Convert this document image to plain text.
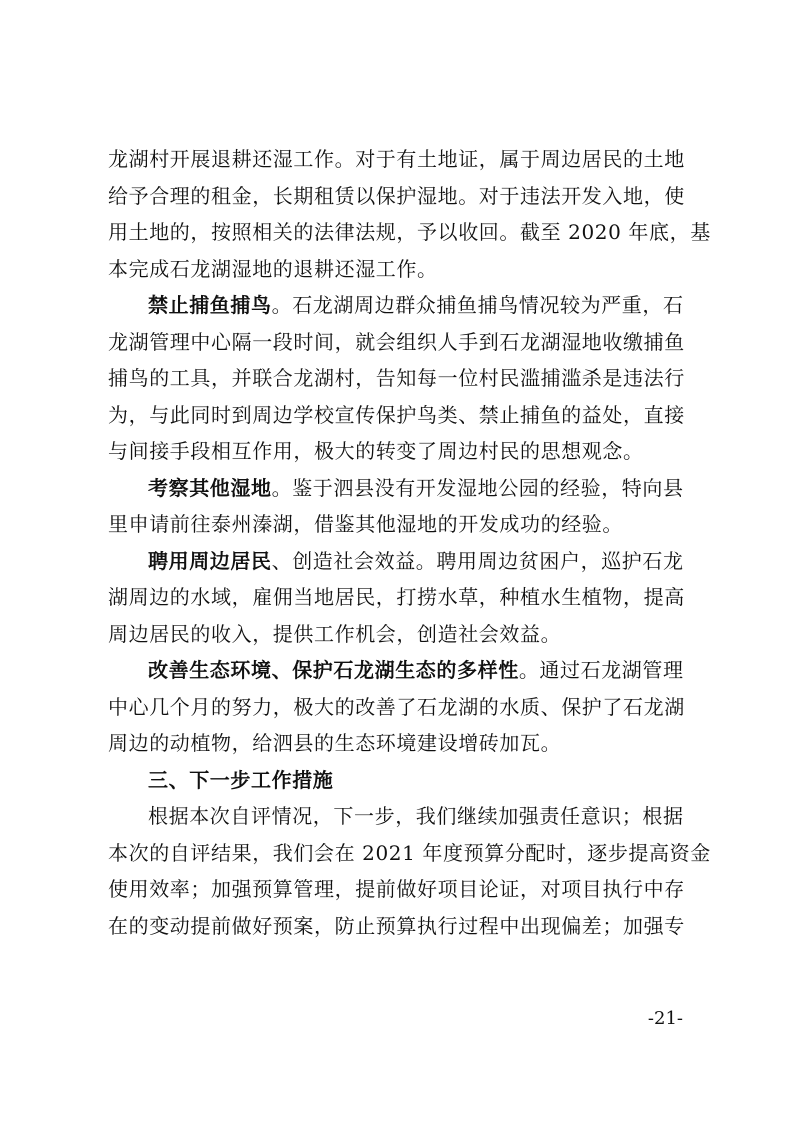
龙湖村开展退耕还湿工作。对于有土地证，属于周边居民的土地

给予合理的租金，长期租赁以保护湿地。对于违法开发入地，使

用土地的，按照相关的法律法规，予以收回。截至 2020 年底，基

本完成石龙湖湿地的退耕还湿工作。

禁止捕鱼捕鸟。石龙湖周边群众捕鱼捕鸟情况较为严重，石

龙湖管理中心隔一段时间，就会组织人手到石龙湖湿地收缴捕鱼

捕鸟的工具，并联合龙湖村，告知每一位村民滥捕滥杀是违法行

为，与此同时到周边学校宣传保护鸟类、禁止捕鱼的益处，直接

与间接手段相互作用，极大的转变了周边村民的思想观念。

考察其他湿地。鉴于泗县没有开发湿地公园的经验，特向县

里申请前往泰州溱湖，借鉴其他湿地的开发成功的经验。

聘用周边居民、创造社会效益。聘用周边贫困户，巡护石龙

湖周边的水域，雇佣当地居民，打捞水草，种植水生植物，提高

周边居民的收入，提供工作机会，创造社会效益。

改善生态环境、保护石龙湖生态的多样性。通过石龙湖管理

中心几个月的努力，极大的改善了石龙湖的水质、保护了石龙湖

周边的动植物，给泗县的生态环境建设增砖加瓦。

三、下一步工作措施

根据本次自评情况，下一步，我们继续加强责任意识；根据

本次的自评结果，我们会在 2021 年度预算分配时，逐步提高资金

使用效率；加强预算管理，提前做好项目论证，对项目执行中存

在的变动提前做好预案，防止预算执行过程中出现偏差；加强专

-21-
